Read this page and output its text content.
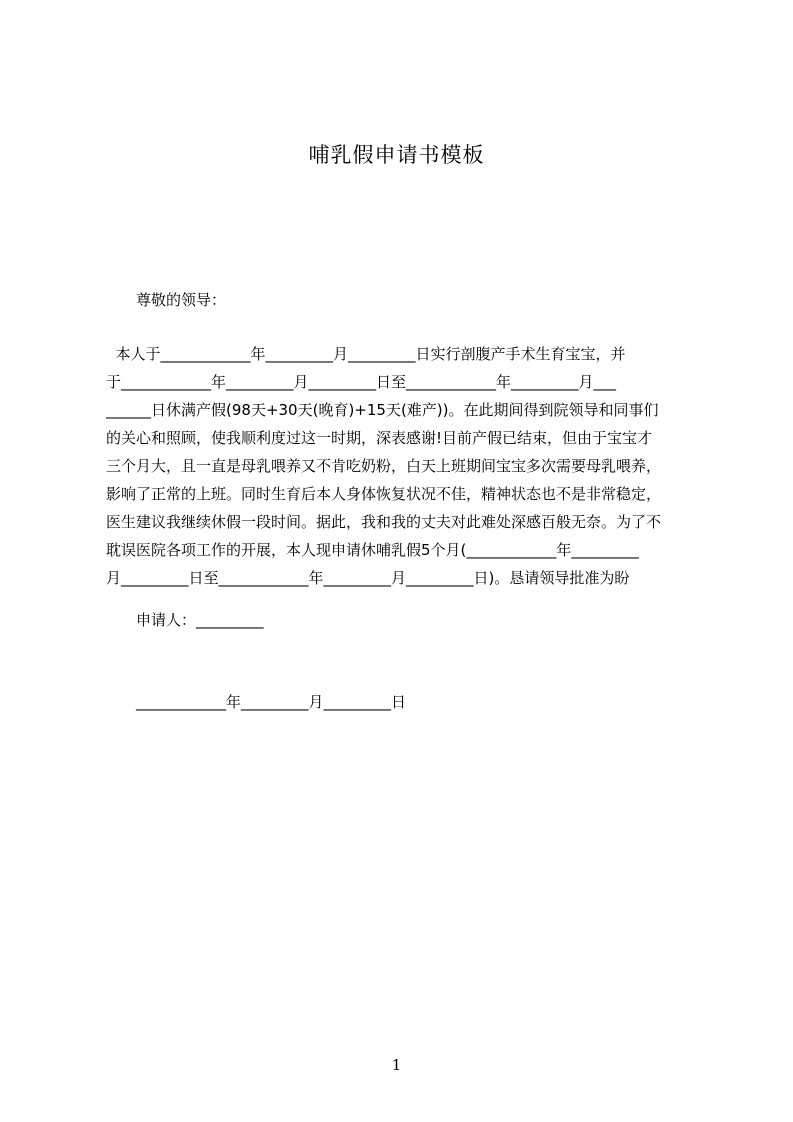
哺乳假申请书模板
尊敬的领导：
本人于____________年_________月_________日实行剖腹产手术生育宝宝，并
于____________年_________月_________日至____________年_________月___
______日休满产假(98天+30天(晚育)+15天(难产))。在此期间得到院领导和同事们
的关心和照顾，使我顺利度过这一时期，深表感谢!目前产假已结束，但由于宝宝才
三个月大，且一直是母乳喂养又不肯吃奶粉，白天上班期间宝宝多次需要母乳喂养，
影响了正常的上班。同时生育后本人身体恢复状况不佳，精神状态也不是非常稳定，
医生建议我继续休假一段时间。据此，我和我的丈夫对此难处深感百般无奈。为了不
耽误医院各项工作的开展，本人现申请休哺乳假5个月(____________年_________
月_________日至____________年_________月_________日)。恳请领导批准为盼
申请人：_________
____________年_________月_________日
1
